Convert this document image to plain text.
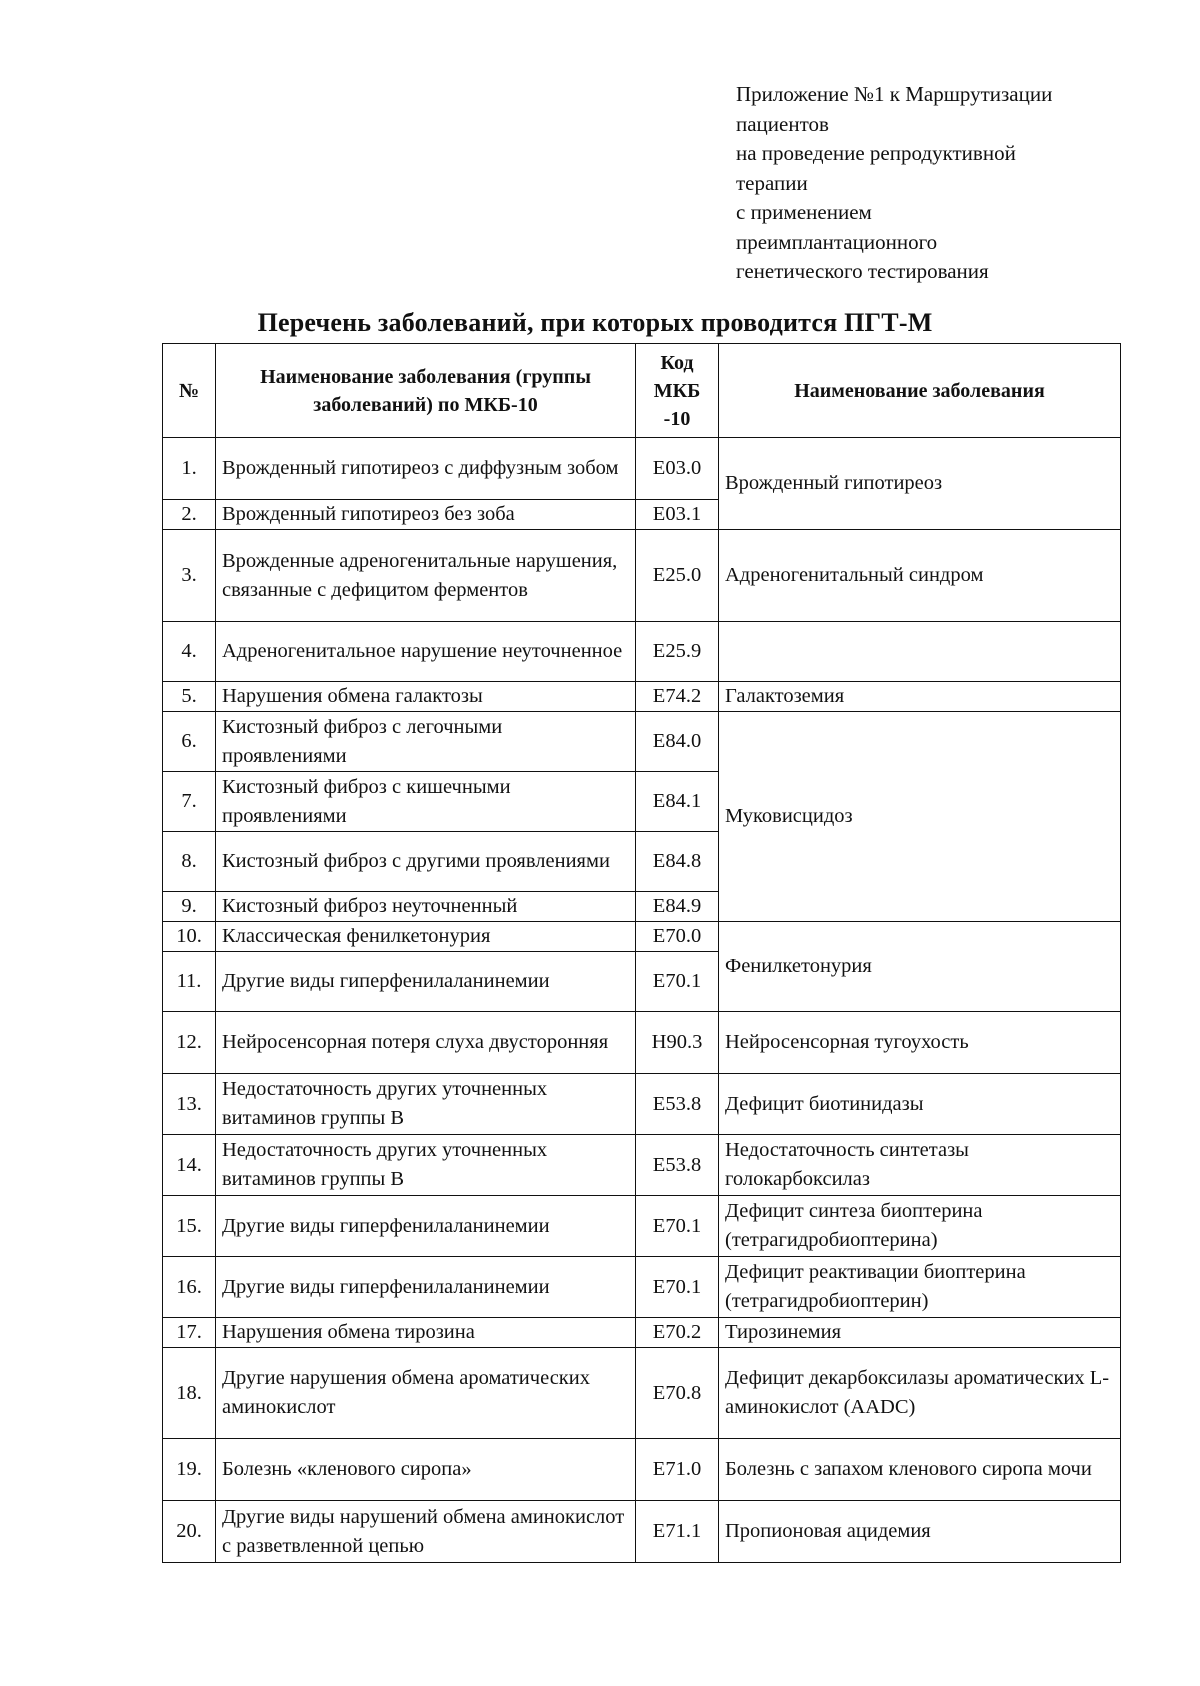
Приложение №1 к Маршрутизации
пациентов
на проведение репродуктивной
терапии
с применением
преимплантационного
генетического тестирования
Перечень заболеваний, при которых проводится ПГТ-М
№	Наименование заболевания (группы заболеваний) по МКБ-10	Код МКБ -10	Наименование заболевания
1.	Врожденный гипотиреоз с диффузным зобом	E03.0	Врожденный гипотиреоз
2.	Врожденный гипотиреоз без зоба	E03.1	
3.	Врожденные адреногенитальные нарушения, связанные с дефицитом ферментов	E25.0	Адреногенитальный синдром
4.	Адреногенитальное нарушение неуточненное	E25.9	
5.	Нарушения обмена галактозы	E74.2	Галактоземия
6.	Кистозный фиброз с легочными проявлениями	E84.0	Муковисцидоз
7.	Кистозный фиброз с кишечными проявлениями	E84.1	
8.	Кистозный фиброз с другими проявлениями	E84.8	
9.	Кистозный фиброз неуточненный	E84.9	
10.	Классическая фенилкетонурия	E70.0	Фенилкетонурия
11.	Другие виды гиперфенилаланинемии	E70.1	
12.	Нейросенсорная потеря слуха двусторонняя	H90.3	Нейросенсорная тугоухость
13.	Недостаточность других уточненных витаминов группы В	E53.8	Дефицит биотинидазы
14.	Недостаточность других уточненных витаминов группы В	E53.8	Недостаточность синтетазы голокарбоксилаз
15.	Другие виды гиперфенилаланинемии	E70.1	Дефицит синтеза биоптерина (тетрагидробиоптерина)
16.	Другие виды гиперфенилаланинемии	E70.1	Дефицит реактивации биоптерина (тетрагидробиоптерин)
17.	Нарушения обмена тирозина	E70.2	Тирозинемия
18.	Другие нарушения обмена ароматических аминокислот	E70.8	Дефицит декарбоксилазы ароматических L-аминокислот (AADC)
19.	Болезнь «кленового сиропа»	E71.0	Болезнь с запахом кленового сиропа мочи
20.	Другие виды нарушений обмена аминокислот с разветвленной цепью	E71.1	Пропионовая ацидемия
